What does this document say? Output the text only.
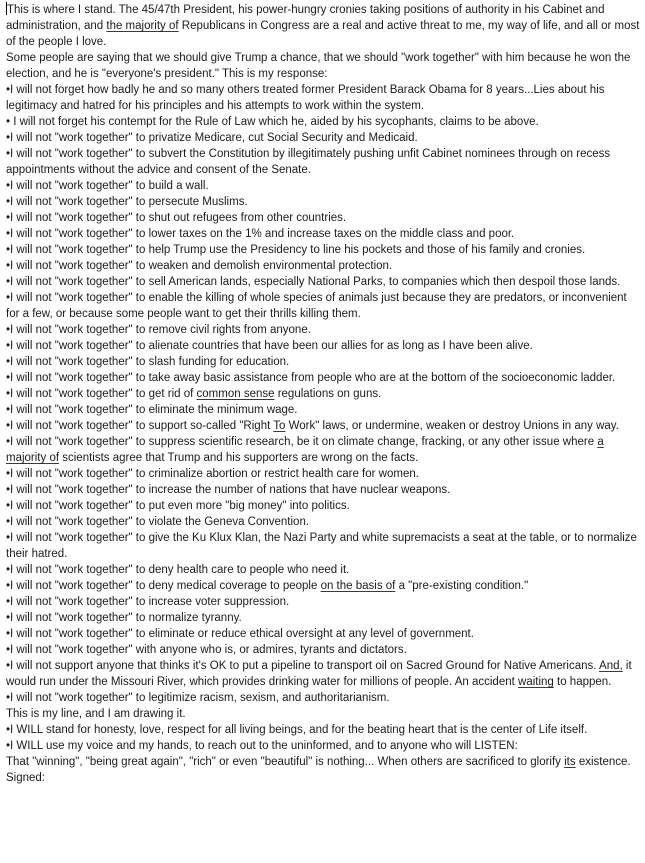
This is where I stand. The 45/47th President, his power-hungry cronies taking positions of authority in his Cabinet and administration, and the majority of Republicans in Congress are a real and active threat to me, my way of life, and all or most of the people I love.

Some people are saying that we should give Trump a chance, that we should "work together" with him because he won the election, and he is "everyone's president." This is my response:

•I will not forget how badly he and so many others treated former President Barack Obama for 8 years...Lies about his legitimacy and hatred for his principles and his attempts to work within the system.

• I will not forget his contempt for the Rule of Law which he, aided by his sycophants, claims to be above.

•I will not "work together" to privatize Medicare, cut Social Security and Medicaid.

•I will not "work together" to subvert the Constitution by illegitimately pushing unfit Cabinet nominees through on recess appointments without the advice and consent of the Senate.

•I will not "work together" to build a wall.

•I will not "work together" to persecute Muslims.

•I will not "work together" to shut out refugees from other countries.

•I will not "work together" to lower taxes on the 1% and increase taxes on the middle class and poor.

•I will not "work together" to help Trump use the Presidency to line his pockets and those of his family and cronies.

•I will not "work together" to weaken and demolish environmental protection.

•I will not "work together" to sell American lands, especially National Parks, to companies which then despoil those lands.

•I will not "work together" to enable the killing of whole species of animals just because they are predators, or inconvenient for a few, or because some people want to get their thrills killing them.

•I will not "work together" to remove civil rights from anyone.

•I will not "work together" to alienate countries that have been our allies for as long as I have been alive.

•I will not "work together" to slash funding for education.

•I will not "work together" to take away basic assistance from people who are at the bottom of the socioeconomic ladder.

•I will not "work together" to get rid of common sense regulations on guns.

•I will not "work together" to eliminate the minimum wage.

•I will not "work together" to support so-called "Right To Work" laws, or undermine, weaken or destroy Unions in any way.

•I will not "work together" to suppress scientific research, be it on climate change, fracking, or any other issue where a majority of scientists agree that Trump and his supporters are wrong on the facts.

•I will not "work together" to criminalize abortion or restrict health care for women.

•I will not "work together" to increase the number of nations that have nuclear weapons.

•I will not "work together" to put even more "big money" into politics.

•I will not "work together" to violate the Geneva Convention.

•I will not "work together" to give the Ku Klux Klan, the Nazi Party and white supremacists a seat at the table, or to normalize their hatred.

•I will not "work together" to deny health care to people who need it.

•I will not "work together" to deny medical coverage to people on the basis of a "pre-existing condition."

•I will not "work together" to increase voter suppression.

•I will not "work together" to normalize tyranny.

•I will not "work together" to eliminate or reduce ethical oversight at any level of government.

•I will not "work together" with anyone who is, or admires, tyrants and dictators.

•I will not support anyone that thinks it's OK to put a pipeline to transport oil on Sacred Ground for Native Americans. And, it would run under the Missouri River, which provides drinking water for millions of people. An accident waiting to happen.

•I will not "work together" to legitimize racism, sexism, and authoritarianism.

This is my line, and I am drawing it.

•I WILL stand for honesty, love, respect for all living beings, and for the beating heart that is the center of Life itself.

•I WILL use my voice and my hands, to reach out to the uninformed, and to anyone who will LISTEN:

That "winning", "being great again", "rich" or even "beautiful" is nothing... When others are sacrificed to glorify its existence.

Signed:
